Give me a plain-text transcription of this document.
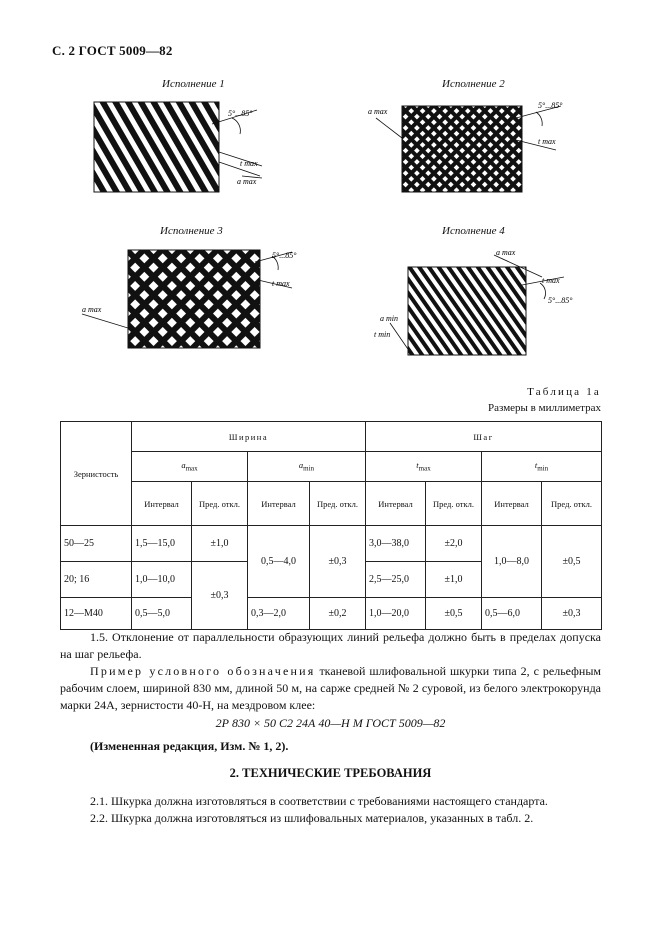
С. 2 ГОСТ 5009—82
Исполнение 1
5°...85°
t max
a max
Исполнение 2
5°...85°
t max
a max
Исполнение 3
5°...85°
t max
a max
Исполнение 4
a max
t max
5°...85°
a min
t min
Таблица 1а
Размеры в миллиметрах
Зернистость	Ширина				Шаг			
	$a_{max}$		$a_{min}$		$t_{max}$		$t_{min}$
	Интервал	Пред. откл.	Интервал	Пред. откл.	Интервал	Пред. откл.	Интервал	Пред. откл.
50—25	1,5—15,0	±1,0	0,5—4,0	±0,3	3,0—38,0	±2,0	1,0—8,0	±0,5
20; 16	1,0—10,0	±0,3			2,5—25,0	±1,0		
12—M40	0,5—5,0		0,3—2,0	±0,2	1,0—20,0	±0,5	0,5—6,0	±0,3
1.5. Отклонение от параллельности образующих линий рельефа должно быть в пределах допуска на шаг рельефа.
Пример условного обозначения тканевой шлифовальной шкурки типа 2, с рельефным рабочим слоем, шириной 830 мм, длиной 50 м, на саржe средней № 2 суровой, из белого электрокорунда марки 24А, зернистости 40-Н, на мездровом клее:
2Р 830 × 50 С2 24А 40—Н М ГОСТ 5009—82
(Измененная редакция, Изм. № 1, 2).
2. ТЕХНИЧЕСКИЕ ТРЕБОВАНИЯ
2.1. Шкурка должна изготовляться в соответствии с требованиями настоящего стандарта.
2.2. Шкурка должна изготовляться из шлифовальных материалов, указанных в табл. 2.
